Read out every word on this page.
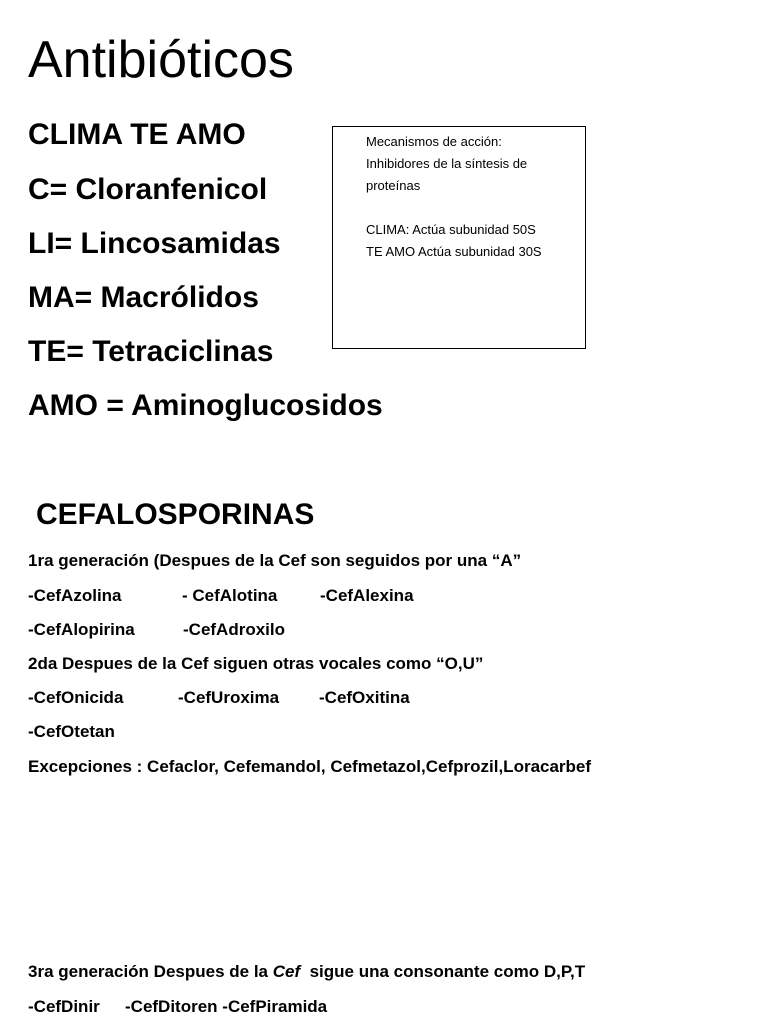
Antibióticos
CLIMA TE AMO
C= Cloranfenicol
LI= Lincosamidas
MA= Macrólidos
TE= Tetraciclinas
AMO = Aminoglucosidos
Mecanismos de acción:
Inhibidores de la síntesis de
proteínas
CLIMA: Actúa subunidad 50S
TE AMO Actúa subunidad 30S
CEFALOSPORINAS
1ra generación (Despues de la Cef son seguidos por una “A”
-CefAzolina	- CefAlotina	-CefAlexina
-CefAlopirina	-CefAdroxilo
2da Despues de la Cef siguen otras vocales como “O,U”
-CefOnicida	-CefUroxima -CefOxitina
-CefOtetan
Excepciones : Cefaclor, Cefemandol, Cefmetazol,Cefprozil,Loracarbef
3ra generación Despues de la Cef  sigue una consonante como D,P,T
-CefDinir -CefDitoren -CefPiramida
